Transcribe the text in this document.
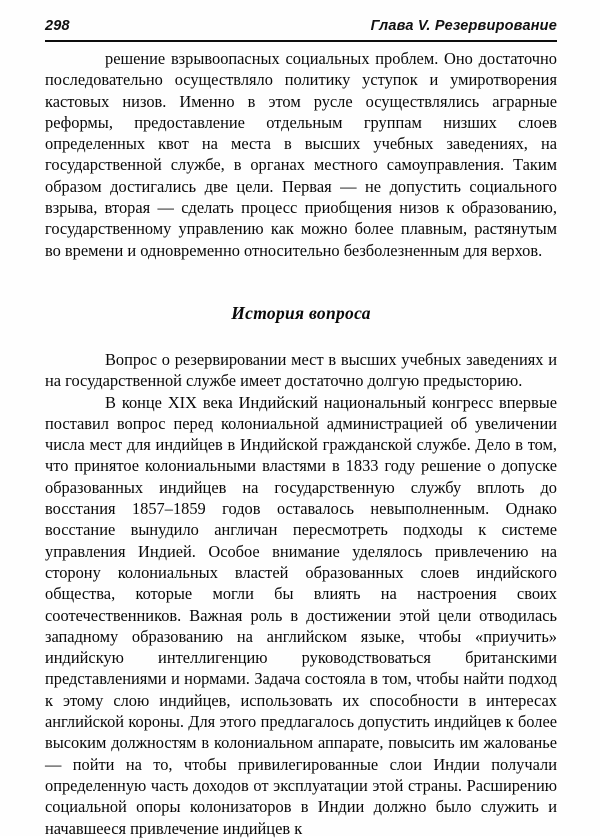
298	Глава V. Резервирование

решение взрывоопасных социальных проблем. Оно достаточно последовательно осуществляло политику уступок и умиротворения кастовых низов. Именно в этом русле осуществлялись аграрные реформы, предоставление отдельным группам низших слоев определенных квот на места в высших учебных заведениях, на государственной службе, в органах местного самоуправления. Таким образом достигались две цели. Первая — не допустить социального взрыва, вторая — сделать процесс приобщения низов к образованию, государственному управлению как можно более плавным, растянутым во времени и одновременно относительно безболезненным для верхов.

История вопроса

Вопрос о резервировании мест в высших учебных заведениях и на государственной службе имеет достаточно долгую предысторию.

В конце XIX века Индийский национальный конгресс впервые поставил вопрос перед колониальной администрацией об увеличении числа мест для индийцев в Индийской гражданской службе. Дело в том, что принятое колониальными властями в 1833 году решение о допуске образованных индийцев на государственную службу вплоть до восстания 1857–1859 годов оставалось невыполненным. Однако восстание вынудило англичан пересмотреть подходы к системе управления Индией. Особое внимание уделялось привлечению на сторону колониальных властей образованных слоев индийского общества, которые могли бы влиять на настроения своих соотечественников. Важная роль в достижении этой цели отводилась западному образованию на английском языке, чтобы «приучить» индийскую интеллигенцию руководствоваться британскими представлениями и нормами. Задача состояла в том, чтобы найти подход к этому слою индийцев, использовать их способности в интересах английской короны. Для этого предлагалось допустить индийцев к более высоким должностям в колониальном аппарате, повысить им жалованье — пойти на то, чтобы привилегированные слои Индии получали определенную часть доходов от эксплуатации этой страны. Расширению социальной опоры колонизаторов в Индии должно было служить и начавшееся привлечение индийцев к
